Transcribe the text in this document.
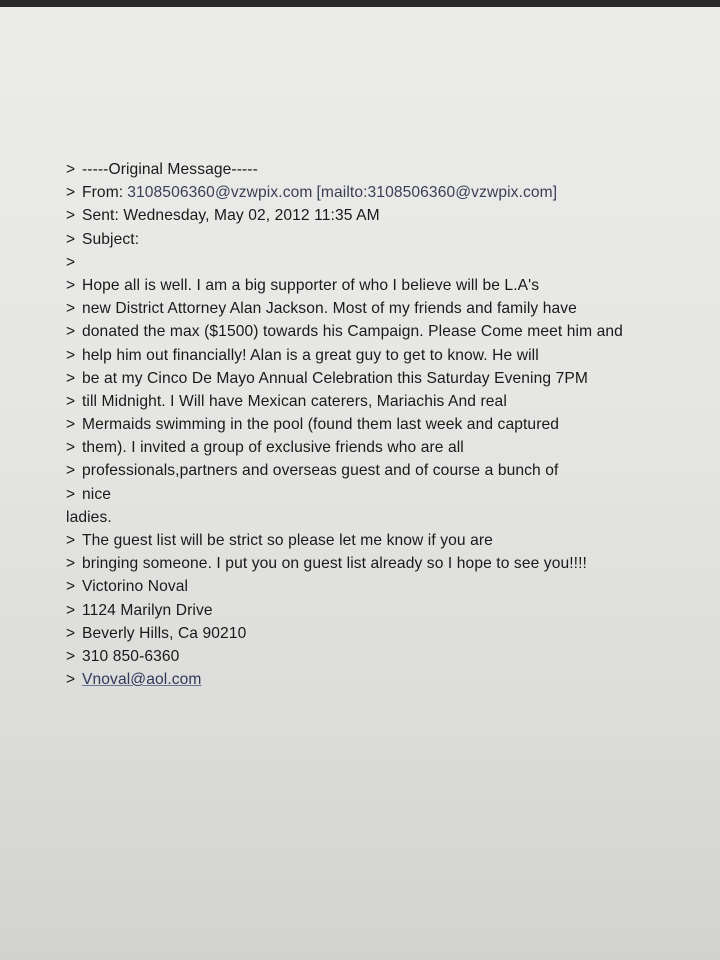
> -----Original Message-----
> From: 3108506360@vzwpix.com [mailto:3108506360@vzwpix.com]
> Sent: Wednesday, May 02, 2012 11:35 AM
> Subject:
>
> Hope all is well. I am a big supporter of who I believe will be L.A's
> new District Attorney Alan Jackson. Most of my friends and family have
> donated the max ($1500) towards his Campaign. Please Come meet him and
> help him out financially! Alan is a great guy to get to know. He will
> be at my Cinco De Mayo Annual Celebration this Saturday Evening 7PM
> till Midnight. I Will have Mexican caterers, Mariachis And real
> Mermaids swimming in the pool (found them last week and captured
> them). I invited a group of exclusive friends who are all
> professionals,partners and overseas guest and of course a bunch of
> nice
ladies.
> The guest list will be strict so please let me know if you are
> bringing someone. I put you on guest list already so I hope to see you!!!!
> Victorino Noval
> 1124 Marilyn Drive
> Beverly Hills, Ca 90210
> 310 850-6360
> Vnoval@aol.com
